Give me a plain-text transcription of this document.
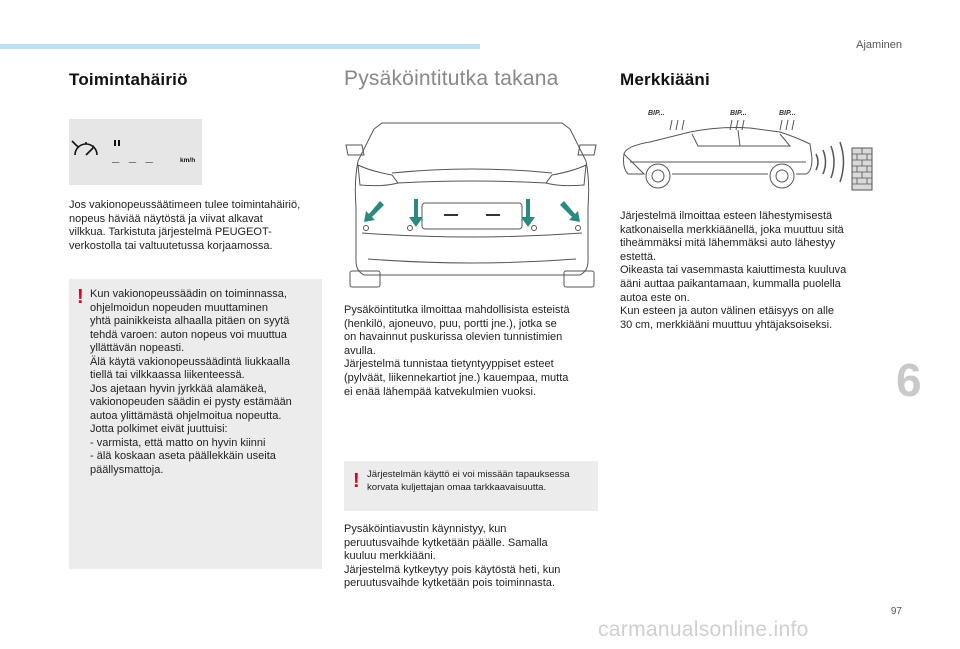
Ajaminen
Toimintahäiriö
_ _ _	km/h
Jos vakionopeussäätimeen tulee toimintahäiriö,
nopeus häviää näytöstä ja viivat alkavat
vilkkua. Tarkistuta järjestelmä PEUGEOT-
verkostolla tai valtuutetussa korjaamossa.
! Kun vakionopeussäädin on toiminnassa,
ohjelmoidun nopeuden muuttaminen
yhtä painikkeista alhaalla pitäen on syytä
tehdä varoen: auton nopeus voi muuttua
yllättävän nopeasti.
Älä käytä vakionopeussäädintä liukkaalla
tiellä tai vilkkaassa liikenteessä.
Jos ajetaan hyvin jyrkkää alamäkeä,
vakionopeuden säädin ei pysty estämään
autoa ylittämästä ohjelmoitua nopeutta.
Jotta polkimet eivät juuttuisi:
- varmista, että matto on hyvin kiinni
- älä koskaan aseta päällekkäin useita
päällysmattoja.
Pysäköintitutka takana
Pysäköintitutka ilmoittaa mahdollisista esteistä
(henkilö, ajoneuvo, puu, portti jne.), jotka se
on havainnut puskurissa olevien tunnistimien
avulla.
Järjestelmä tunnistaa tietyntyyppiset esteet
(pylväät, liikennekartiot jne.) kauempaa, mutta
ei enää lähempää katvekulmien vuoksi.
! Järjestelmän käyttö ei voi missään tapauksessa
korvata kuljettajan omaa tarkkaavaisuutta.
Pysäköintiavustin käynnistyy, kun
peruutusvaihde kytketään päälle. Samalla
kuuluu merkkiääni.
Järjestelmä kytkeytyy pois käytöstä heti, kun
peruutusvaihde kytketään pois toiminnasta.
Merkkiääni
BIP...	BIP...	BIP...
Järjestelmä ilmoittaa esteen lähestymisestä
katkonaisella merkkiäänellä, joka muuttuu sitä
tiheämmäksi mitä lähemmäksi auto lähestyy
estettä.
Oikeasta tai vasemmasta kaiuttimesta kuuluva
ääni auttaa paikantamaan, kummalla puolella
autoa este on.
Kun esteen ja auton välinen etäisyys on alle
30 cm, merkkiääni muuttuu yhtäjaksoiseksi.
6
97
carmanualsonline.info
